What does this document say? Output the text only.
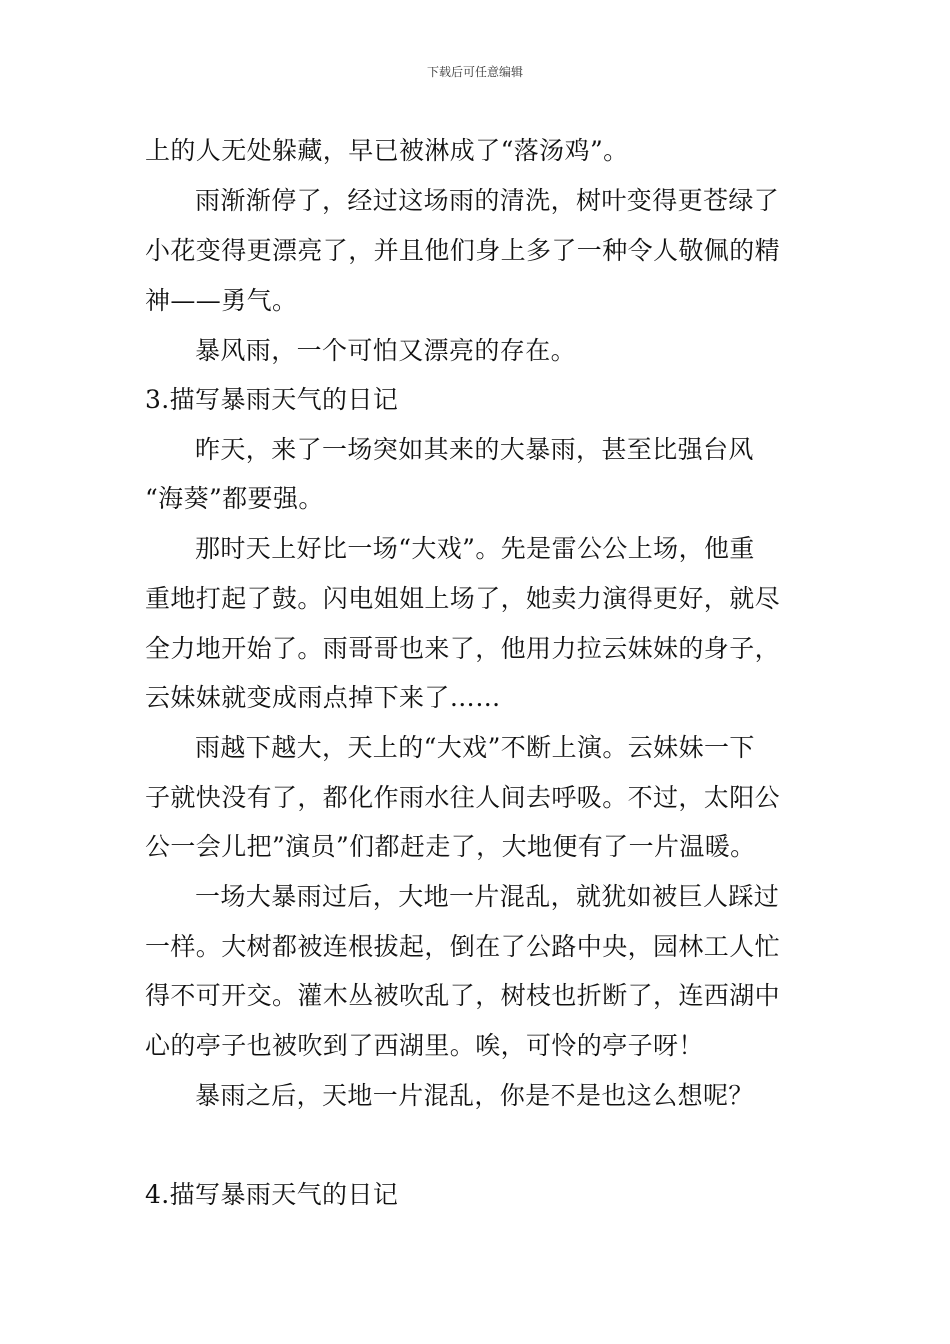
下载后可任意编辑
上的人无处躲藏，早已被淋成了“落汤鸡”。
雨渐渐停了，经过这场雨的清洗，树叶变得更苍绿了
小花变得更漂亮了，并且他们身上多了一种令人敬佩的精
神——勇气。
暴风雨，一个可怕又漂亮的存在。
3.描写暴雨天气的日记
昨天，来了一场突如其来的大暴雨，甚至比强台风
“海葵”都要强。
那时天上好比一场“大戏”。先是雷公公上场，他重
重地打起了鼓。闪电姐姐上场了，她卖力演得更好，就尽
全力地开始了。雨哥哥也来了，他用力拉云妹妹的身子，
云妹妹就变成雨点掉下来了……
雨越下越大，天上的“大戏”不断上演。云妹妹一下
子就快没有了，都化作雨水往人间去呼吸。不过，太阳公
公一会儿把”演员”们都赶走了，大地便有了一片温暖。
一场大暴雨过后，大地一片混乱，就犹如被巨人踩过
一样。大树都被连根拔起，倒在了公路中央，园林工人忙
得不可开交。灌木丛被吹乱了，树枝也折断了，连西湖中
心的亭子也被吹到了西湖里。唉，可怜的亭子呀！
暴雨之后，天地一片混乱，你是不是也这么想呢？
4.描写暴雨天气的日记
